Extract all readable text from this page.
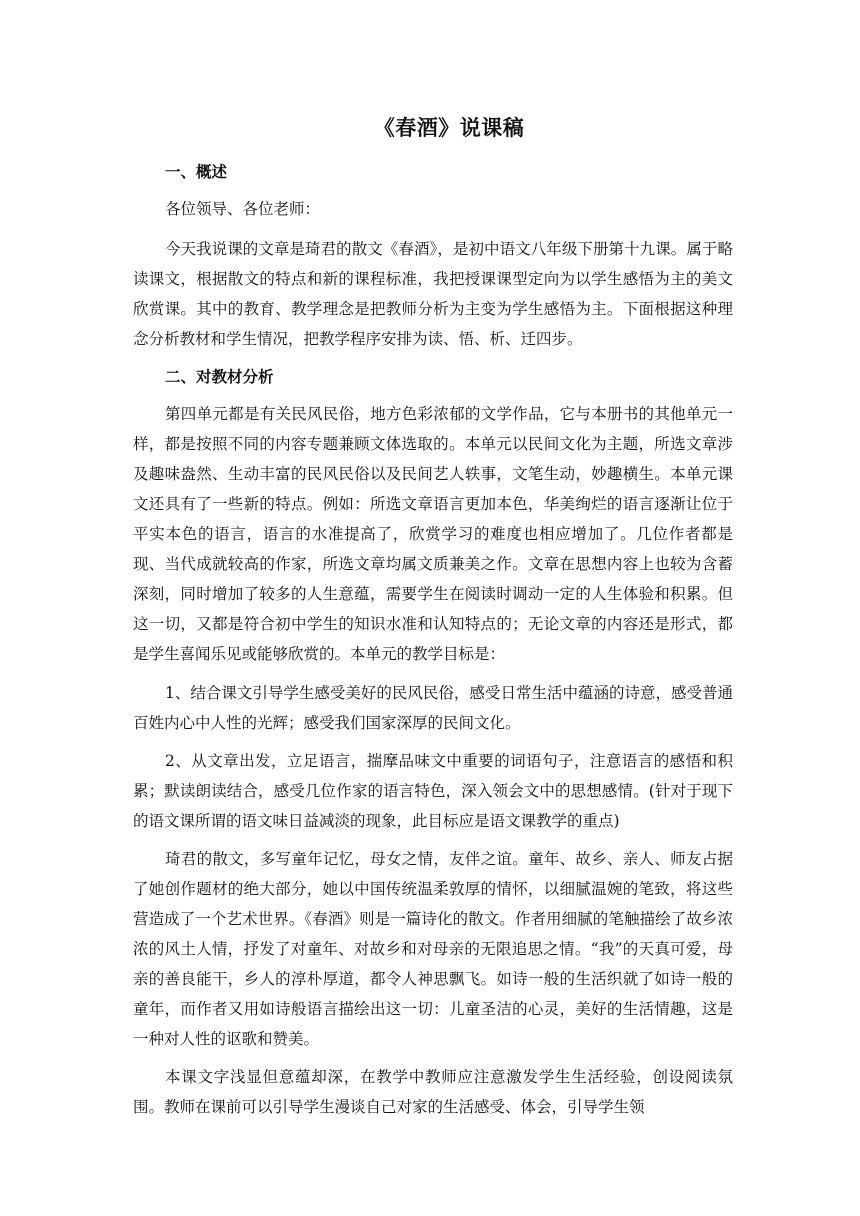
《春酒》说课稿
一、概述

各位领导、各位老师：

今天我说课的文章是琦君的散文《春酒》，是初中语文八年级下册第十九课。属于略读课文，根据散文的特点和新的课程标准，我把授课课型定向为以学生感悟为主的美文欣赏课。其中的教育、教学理念是把教师分析为主变为学生感悟为主。下面根据这种理念分析教材和学生情况，把教学程序安排为读、悟、析、迁四步。

二、对教材分析

第四单元都是有关民风民俗，地方色彩浓郁的文学作品，它与本册书的其他单元一样，都是按照不同的内容专题兼顾文体选取的。本单元以民间文化为主题，所选文章涉及趣味盎然、生动丰富的民风民俗以及民间艺人轶事，文笔生动，妙趣横生。本单元课文还具有了一些新的特点。例如：所选文章语言更加本色，华美绚烂的语言逐渐让位于平实本色的语言，语言的水准提高了，欣赏学习的难度也相应增加了。几位作者都是现、当代成就较高的作家，所选文章均属文质兼美之作。文章在思想内容上也较为含蓄深刻，同时增加了较多的人生意蕴，需要学生在阅读时调动一定的人生体验和积累。但这一切，又都是符合初中学生的知识水准和认知特点的；无论文章的内容还是形式，都是学生喜闻乐见或能够欣赏的。本单元的教学目标是：

1、结合课文引导学生感受美好的民风民俗，感受日常生活中蕴涵的诗意，感受普通百姓内心中人性的光辉；感受我们国家深厚的民间文化。

2、从文章出发，立足语言，揣摩品味文中重要的词语句子，注意语言的感悟和积累；默读朗读结合，感受几位作家的语言特色，深入领会文中的思想感情。(针对于现下的语文课所谓的语文味日益减淡的现象，此目标应是语文课教学的重点)

琦君的散文，多写童年记忆，母女之情，友伴之谊。童年、故乡、亲人、师友占据了她创作题材的绝大部分，她以中国传统温柔敦厚的情怀，以细腻温婉的笔致，将这些营造成了一个艺术世界。《春酒》则是一篇诗化的散文。作者用细腻的笔触描绘了故乡浓浓的风土人情，抒发了对童年、对故乡和对母亲的无限追思之情。“我”的天真可爱，母亲的善良能干，乡人的淳朴厚道，都令人神思飘飞。如诗一般的生活织就了如诗一般的童年，而作者又用如诗般语言描绘出这一切：儿童圣洁的心灵，美好的生活情趣，这是一种对人性的讴歌和赞美。

本课文字浅显但意蕴却深，在教学中教师应注意激发学生生活经验，创设阅读氛围。教师在课前可以引导学生漫谈自己对家的生活感受、体会，引导学生领
